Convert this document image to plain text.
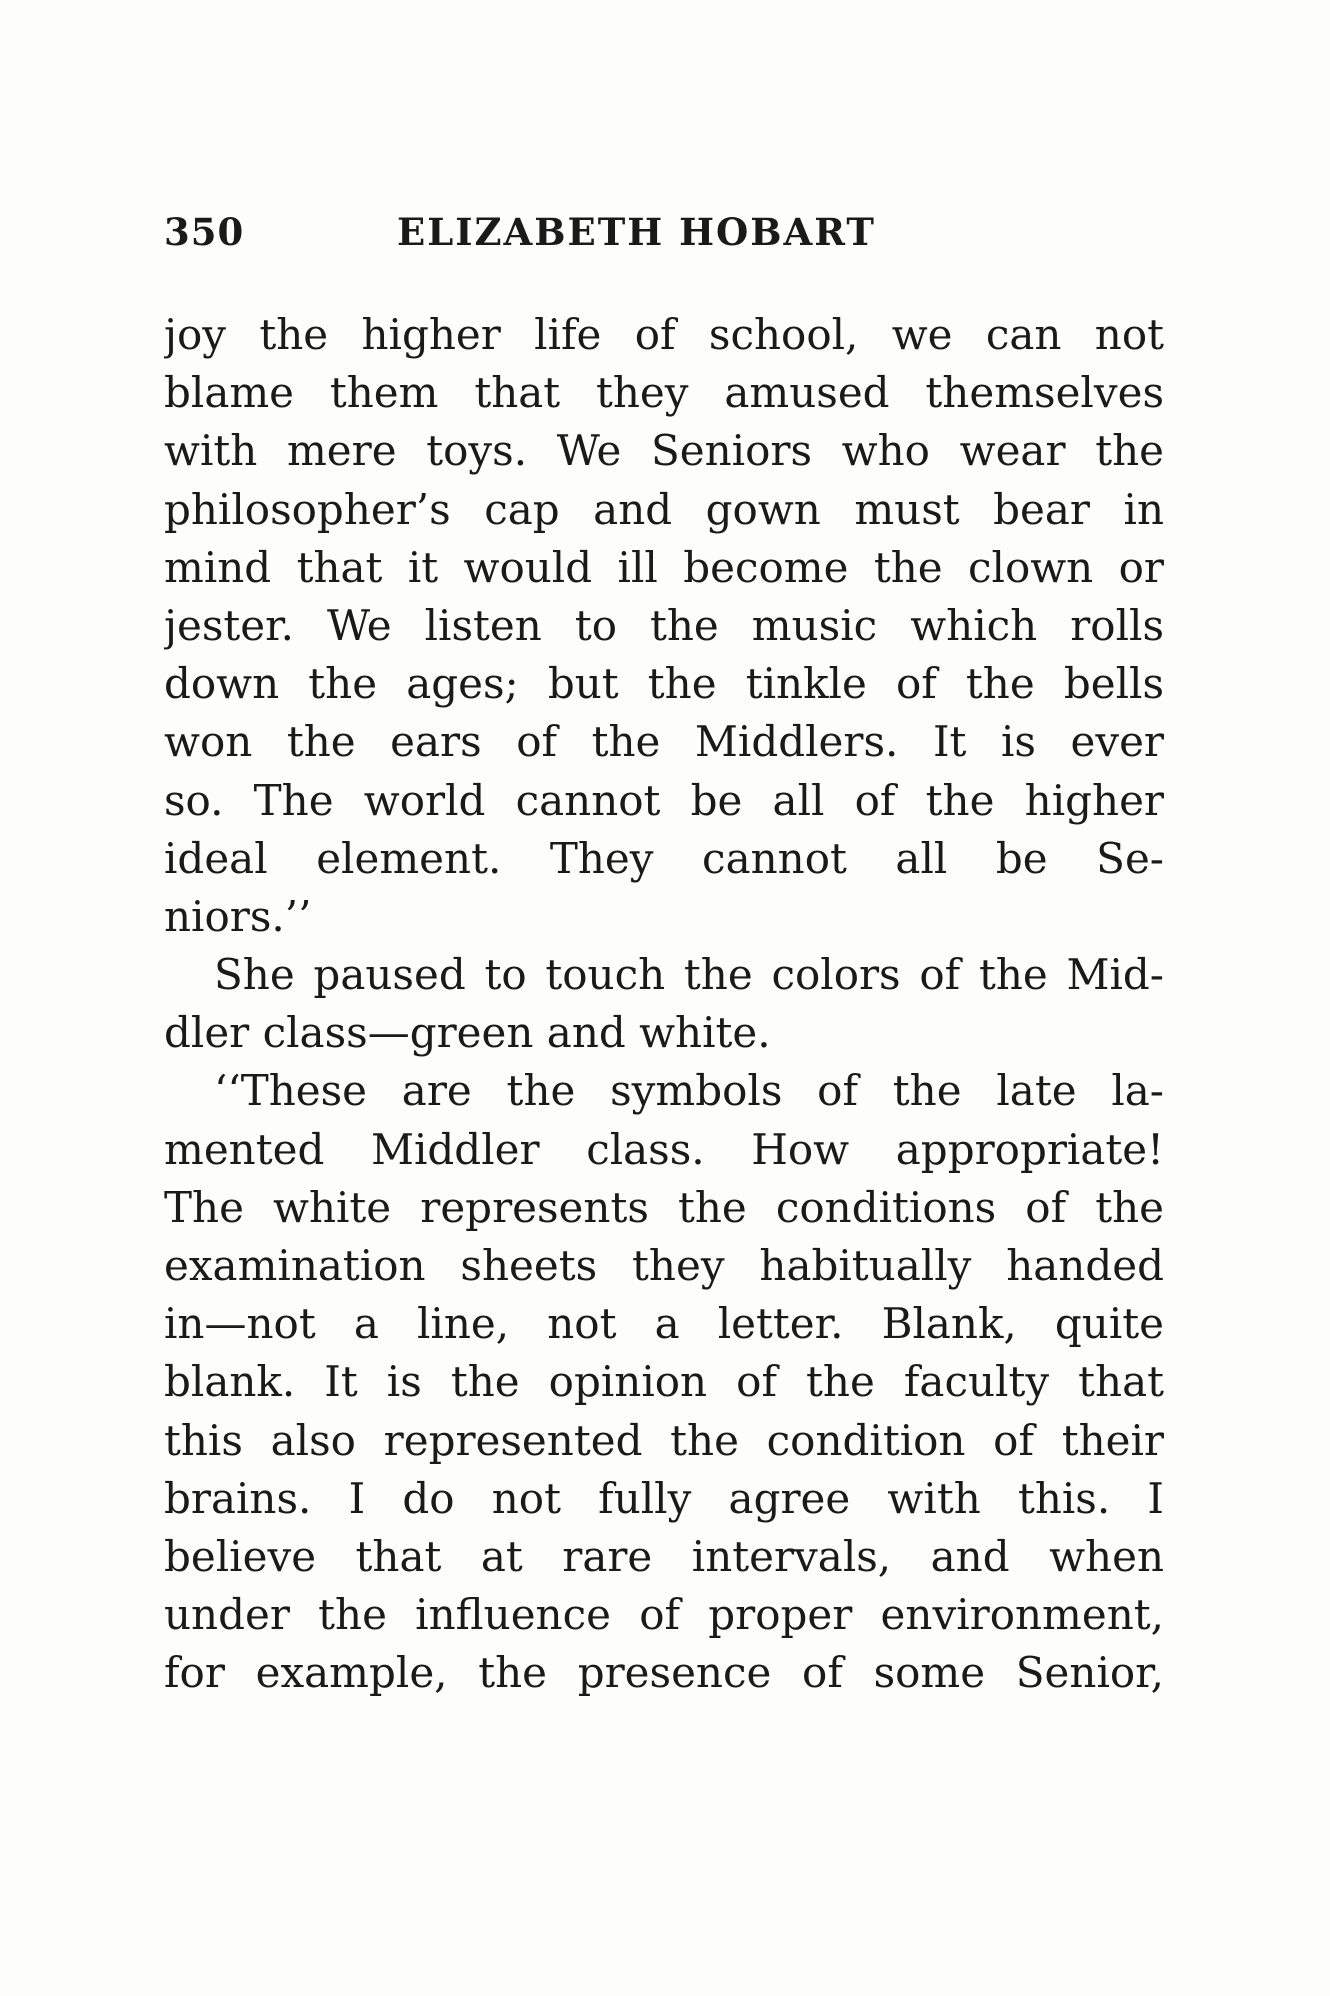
350	ELIZABETH HOBART
joy the higher life of school, we can not
blame them that they amused themselves
with mere toys. We Seniors who wear the
philosopher’s cap and gown must bear in
mind that it would ill become the clown or
jester. We listen to the music which rolls
down the ages; but the tinkle of the bells
won the ears of the Middlers. It is ever
so. The world cannot be all of the higher
ideal element. They cannot all be Se-
niors.’’
She paused to touch the colors of the Mid-
dler class—green and white.
‘‘These are the symbols of the late la-
mented Middler class. How appropriate!
The white represents the conditions of the
examination sheets they habitually handed
in—not a line, not a letter. Blank, quite
blank. It is the opinion of the faculty that
this also represented the condition of their
brains. I do not fully agree with this. I
believe that at rare intervals, and when
under the influence of proper environment,
for example, the presence of some Senior,
